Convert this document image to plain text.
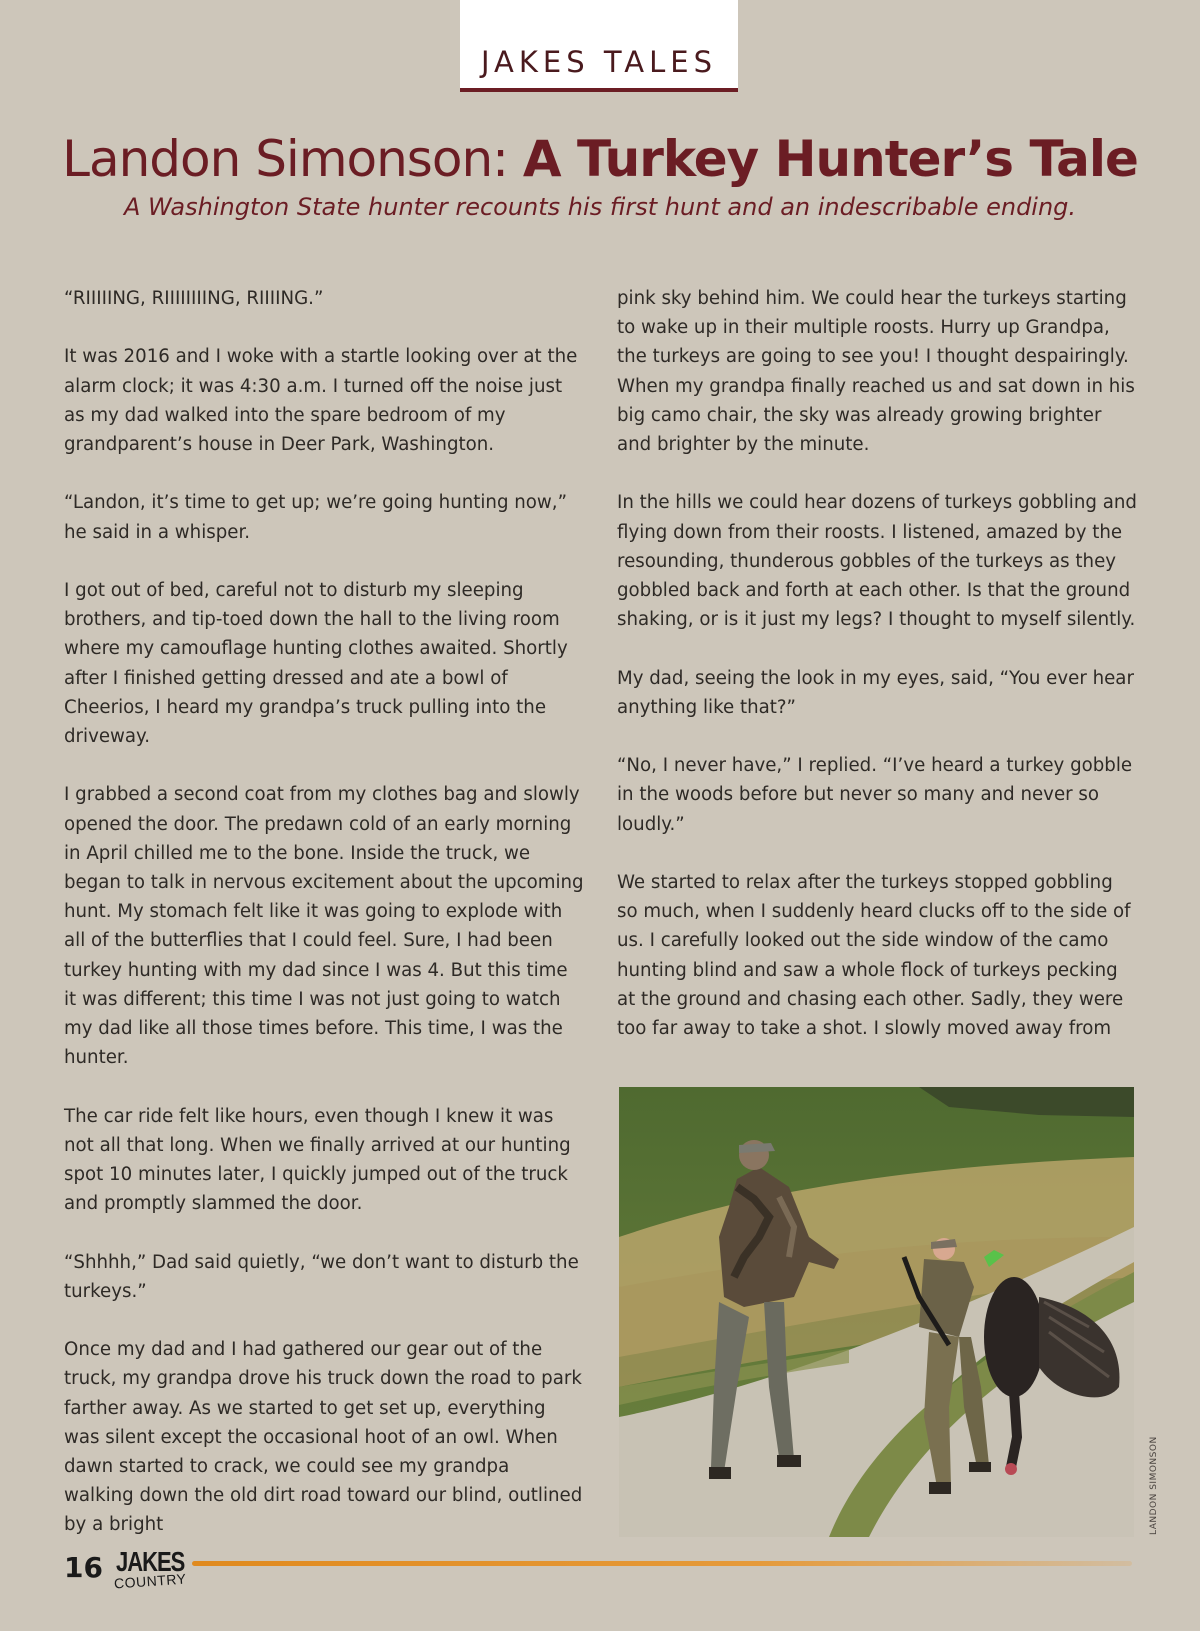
JAKES TALES
Landon Simonson: A Turkey Hunter’s Tale
A Washington State hunter recounts his first hunt and an indescribable ending.

“RIIIIING, RIIIIIIIING, RIIIING.”

It was 2016 and I woke with a startle looking over at the alarm clock; it was 4:30 a.m. I turned off the noise just as my dad walked into the spare bedroom of my grandparent’s house in Deer Park, Washington.

“Landon, it’s time to get up; we’re going hunting now,” he said in a whisper.

I got out of bed, careful not to disturb my sleeping brothers, and tip-toed down the hall to the living room where my camouflage hunting clothes awaited. Shortly after I finished getting dressed and ate a bowl of Cheerios, I heard my grandpa’s truck pulling into the driveway.

I grabbed a second coat from my clothes bag and slowly opened the door. The predawn cold of an early morning in April chilled me to the bone. Inside the truck, we began to talk in nervous excitement about the upcoming hunt. My stomach felt like it was going to explode with all of the butterflies that I could feel. Sure, I had been turkey hunting with my dad since I was 4. But this time it was different; this time I was not just going to watch my dad like all those times before. This time, I was the hunter.

The car ride felt like hours, even though I knew it was not all that long. When we finally arrived at our hunting spot 10 minutes later, I quickly jumped out of the truck and promptly slammed the door.

“Shhhh,” Dad said quietly, “we don’t want to disturb the turkeys.”

Once my dad and I had gathered our gear out of the truck, my grandpa drove his truck down the road to park farther away. As we started to get set up, everything was silent except the occasional hoot of an owl. When dawn started to crack, we could see my grandpa walking down the old dirt road toward our blind, outlined by a bright

pink sky behind him. We could hear the turkeys starting to wake up in their multiple roosts. Hurry up Grandpa, the turkeys are going to see you! I thought despairingly. When my grandpa finally reached us and sat down in his big camo chair, the sky was already growing brighter and brighter by the minute.

In the hills we could hear dozens of turkeys gobbling and flying down from their roosts. I listened, amazed by the resounding, thunderous gobbles of the turkeys as they gobbled back and forth at each other. Is that the ground shaking, or is it just my legs? I thought to myself silently.

My dad, seeing the look in my eyes, said, “You ever hear anything like that?”

“No, I never have,” I replied. “I’ve heard a turkey gobble in the woods before but never so many and never so loudly.”

We started to relax after the turkeys stopped gobbling so much, when I suddenly heard clucks off to the side of us. I carefully looked out the side window of the camo hunting blind and saw a whole flock of turkeys pecking at the ground and chasing each other. Sadly, they were too far away to take a shot. I slowly moved away from

LANDON SIMONSON
16 JAKES
COUNTRY
